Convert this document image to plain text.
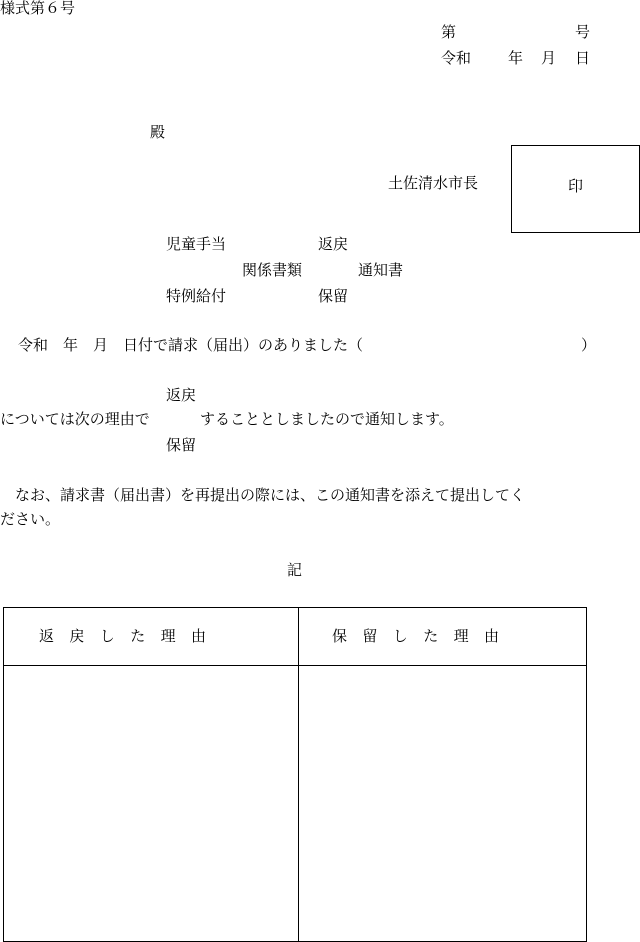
様式第６号
第	号
令和 年 月 日
殿
土佐清水市長	印
児童手当	返戻
関係書類	通知書
特例給付	保留
令和　年　月　日付で請求（届出）のありました（	）
返戻
については次の理由で	することとしましたので通知します。
保留
なお、請求書（届出書）を再提出の際には、この通知書を添えて提出してく
ださい。
記
返　戻　し　た　理　由	保　留　し　た　理　由
